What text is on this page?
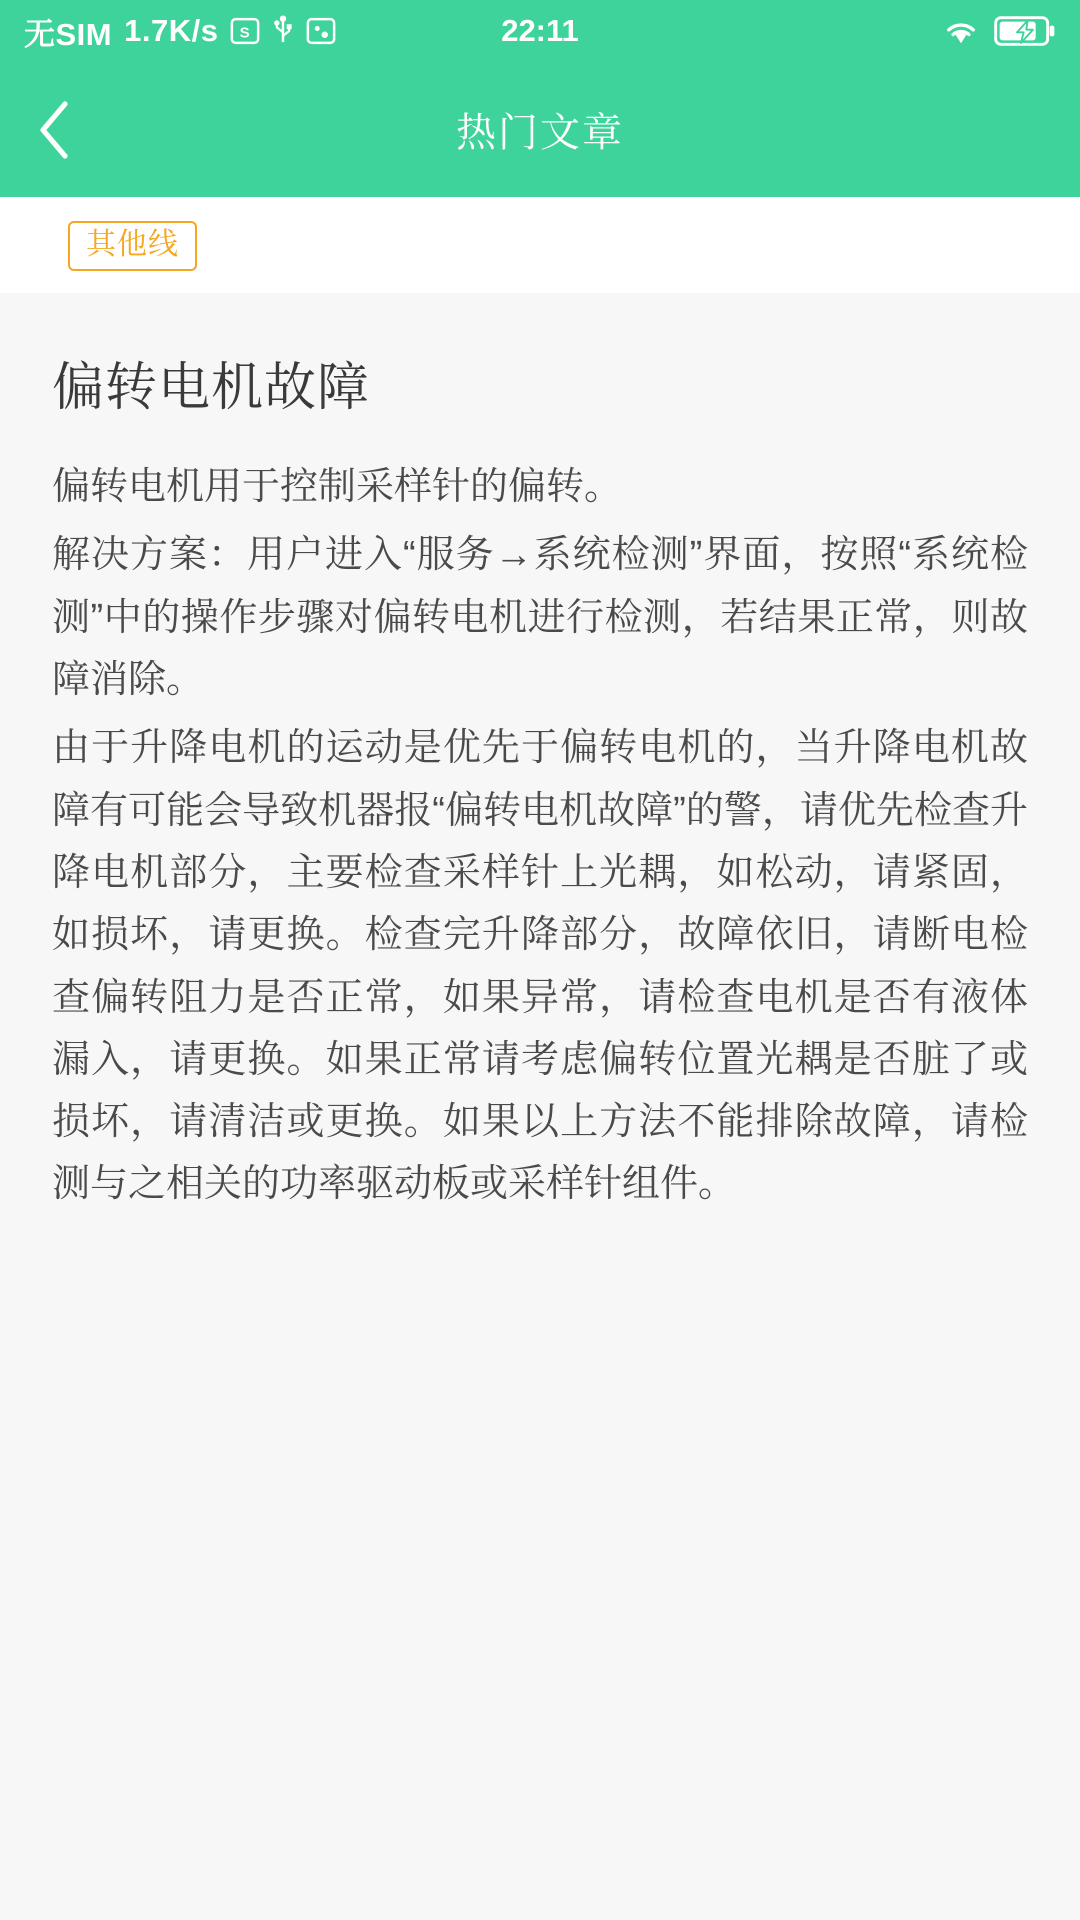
无SIM 1.7K/s S	22:11
热门文章
其他线
偏转电机故障

偏转电机用于控制采样针的偏转。

解决方案：用户进入“服务→系统检测”界面，按照“系统检测”中的操作步骤对偏转电机进行检测，若结果正常，则故障消除。

由于升降电机的运动是优先于偏转电机的，当升降电机故障有可能会导致机器报“偏转电机故障”的警，请优先检查升降电机部分，主要检查采样针上光耦，如松动，请紧固，如损坏，请更换。检查完升降部分，故障依旧，请断电检查偏转阻力是否正常，如果异常，请检查电机是否有液体漏入，请更换。如果正常请考虑偏转位置光耦是否脏了或损坏，请清洁或更换。如果以上方法不能排除故障，请检测与之相关的功率驱动板或采样针组件。
